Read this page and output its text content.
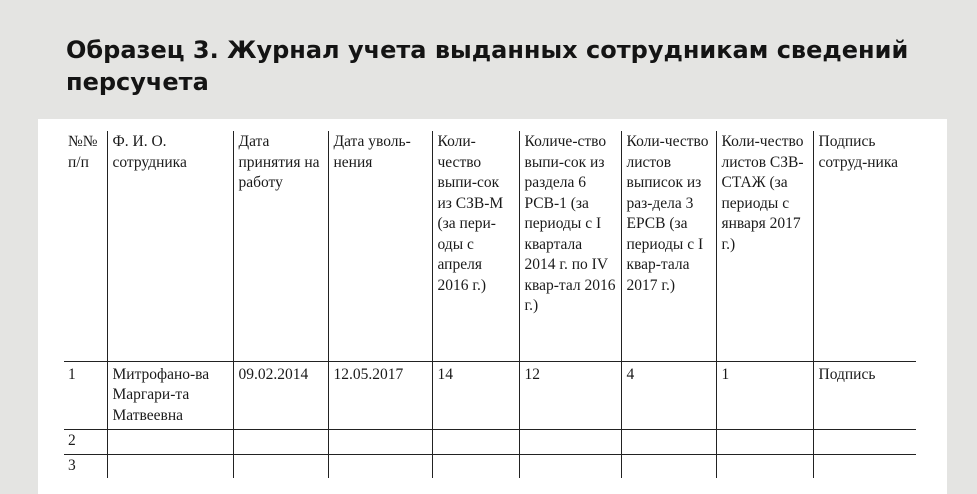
Образец 3. Журнал учета выданных сотрудникам сведений персучета
№№ п/п	Ф. И. О. сотрудника	Дата принятия на работу	Дата уволь-нения	Коли-чество выпи-сок из СЗВ-М (за пери-оды с апреля 2016 г.)	Количе-ство выпи-сок из раздела 6 РСВ-1 (за периоды с I квартала 2014 г. по IV квар-тал 2016 г.)	Коли-чество листов выписок из раз-дела 3 ЕРСВ (за периоды с I квар-тала 2017 г.)	Коли-чество листов СЗВ-СТАЖ (за периоды с января 2017 г.)	Подпись сотруд-ника
1	Митрофано-ва Маргари-та Матвеевна	09.02.2014	12.05.2017	14	12	4	1	Подпись
2								
3								
